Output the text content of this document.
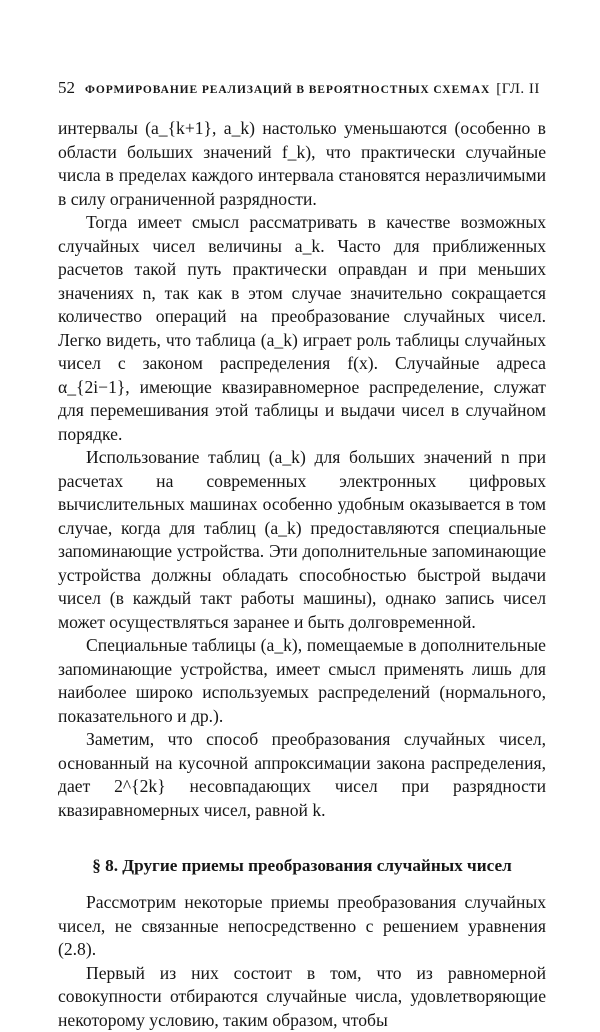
52 ФОРМИРОВАНИЕ РЕАЛИЗАЦИЙ В ВЕРОЯТНОСТНЫХ СХЕМАХ [ГЛ. II

интервалы (a_{k+1}, a_k) настолько уменьшаются (особенно в области больших значений f_k), что практически случайные числа в пределах каждого интервала становятся неразличимыми в силу ограниченной разрядности.

Тогда имеет смысл рассматривать в качестве возможных случайных чисел величины a_k. Часто для приближенных расчетов такой путь практически оправдан и при меньших значениях n, так как в этом случае значительно сокращается количество операций на преобразование случайных чисел. Легко видеть, что таблица (a_k) играет роль таблицы случайных чисел с законом распределения f(x). Случайные адреса α_{2i−1}, имеющие квазиравномерное распределение, служат для перемешивания этой таблицы и выдачи чисел в случайном порядке.

Использование таблиц (a_k) для больших значений n при расчетах на современных электронных цифровых вычислительных машинах особенно удобным оказывается в том случае, когда для таблиц (a_k) предоставляются специальные запоминающие устройства. Эти дополнительные запоминающие устройства должны обладать способностью быстрой выдачи чисел (в каждый такт работы машины), однако запись чисел может осуществляться заранее и быть долговременной.

Специальные таблицы (a_k), помещаемые в дополнительные запоминающие устройства, имеет смысл применять лишь для наиболее широко используемых распределений (нормального, показательного и др.).

Заметим, что способ преобразования случайных чисел, основанный на кусочной аппроксимации закона распределения, дает 2^{2k} несовпадающих чисел при разрядности квазиравномерных чисел, равной k.

§ 8. Другие приемы преобразования случайных чисел

Рассмотрим некоторые приемы преобразования случайных чисел, не связанные непосредственно с решением уравнения (2.8).

Первый из них состоит в том, что из равномерной совокупности отбираются случайные числа, удовлетворяющие некоторому условию, таким образом, чтобы
